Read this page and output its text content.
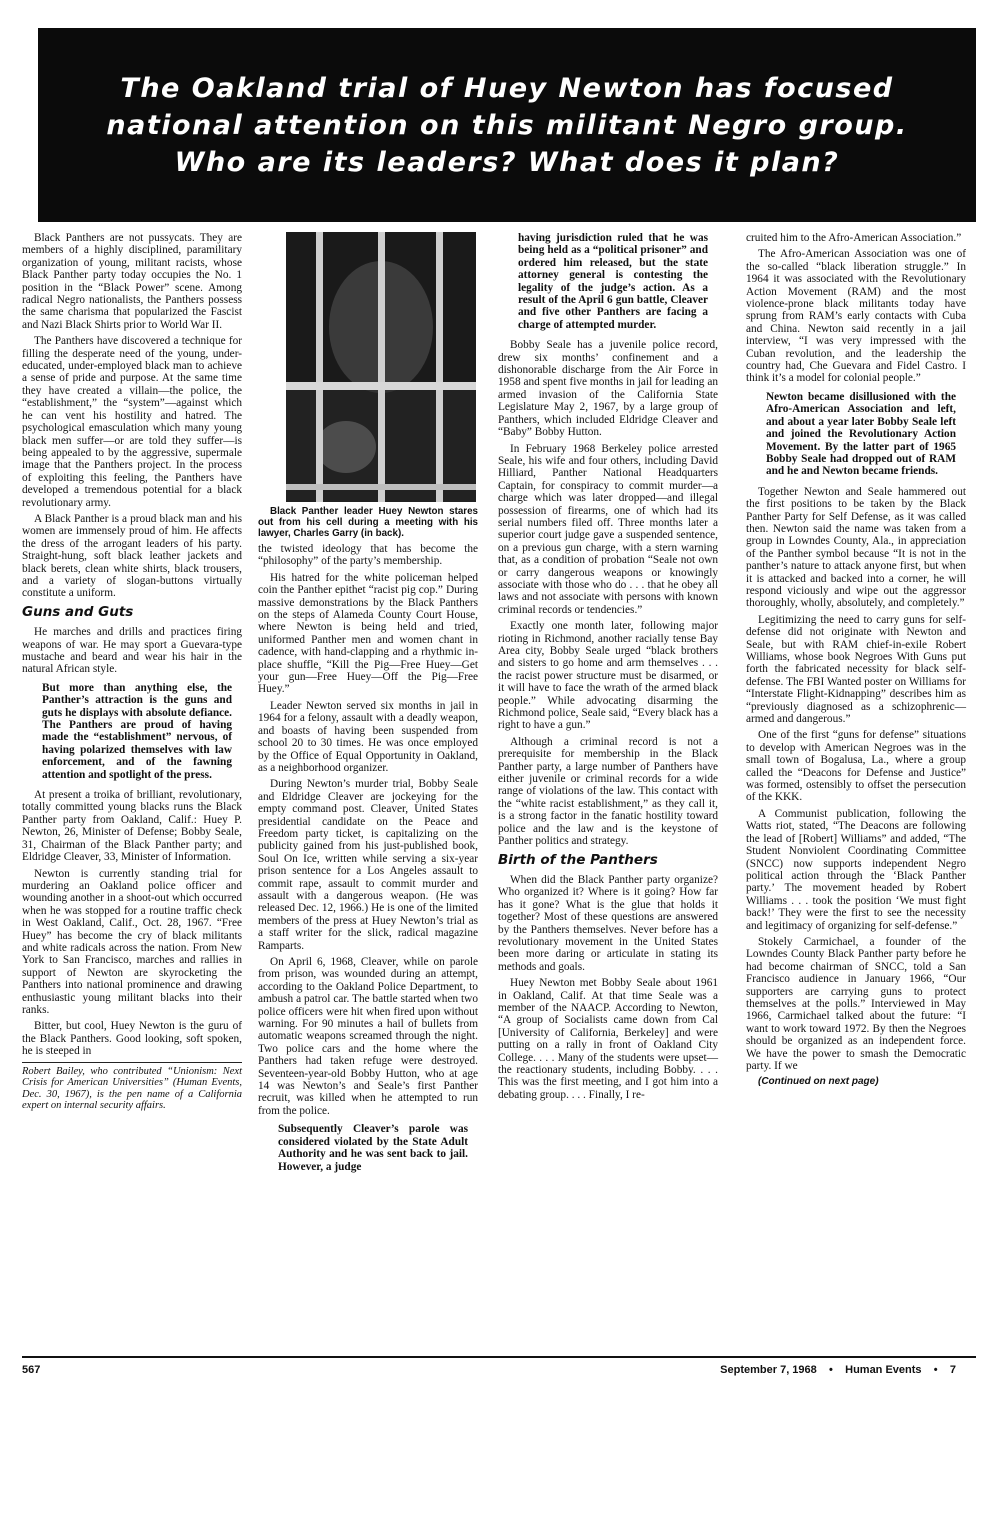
The Oakland trial of Huey Newton has focused
national attention on this militant Negro group.
Who are its leaders? What does it plan?

Black Panthers are not pussycats. They are members of a highly disciplined, paramilitary organization of young, militant racists, whose Black Panther party today occupies the No. 1 position in the “Black Power” scene. Among radical Negro nationalists, the Panthers possess the same charisma that popularized the Fascist and Nazi Black Shirts prior to World War II.

The Panthers have discovered a technique for filling the desperate need of the young, under-educated, under-employed black man to achieve a sense of pride and purpose. At the same time they have created a villain—the police, the “establishment,” the “system”—against which he can vent his hostility and hatred. The psychological emasculation which many young black men suffer—or are told they suffer—is being appealed to by the aggressive, supermale image that the Panthers project. In the process of exploiting this feeling, the Panthers have developed a tremendous potential for a black revolutionary army.

A Black Panther is a proud black man and his women are immensely proud of him. He affects the dress of the arrogant leaders of his party. Straight-hung, soft black leather jackets and black berets, clean white shirts, black trousers, and a variety of slogan-buttons virtually constitute a uniform.

Guns and Guts

He marches and drills and practices firing weapons of war. He may sport a Guevara-type mustache and beard and wear his hair in the natural African style.

But more than anything else, the Panther’s attraction is the guns and guts he displays with absolute defiance. The Panthers are proud of having made the “establishment” nervous, of having polarized themselves with law enforcement, and of the fawning attention and spotlight of the press.

At present a troika of brilliant, revolutionary, totally committed young blacks runs the Black Panther party from Oakland, Calif.: Huey P. Newton, 26, Minister of Defense; Bobby Seale, 31, Chairman of the Black Panther party; and Eldridge Cleaver, 33, Minister of Information.

Newton is currently standing trial for murdering an Oakland police officer and wounding another in a shoot-out which occurred when he was stopped for a routine traffic check in West Oakland, Calif., Oct. 28, 1967. “Free Huey” has become the cry of black militants and white radicals across the nation. From New York to San Francisco, marches and rallies in support of Newton are skyrocketing the Panthers into national prominence and drawing enthusiastic young militant blacks into their ranks.

Bitter, but cool, Huey Newton is the guru of the Black Panthers. Good looking, soft spoken, he is steeped in

Robert Bailey, who contributed “Unionism: Next Crisis for American Universities” (Human Events, Dec. 30, 1967), is the pen name of a California expert on internal security affairs.

Black Panther leader Huey Newton stares out from his cell during a meeting with his lawyer, Charles Garry (in back).

the twisted ideology that has become the “philosophy” of the party’s membership.

His hatred for the white policeman helped coin the Panther epithet “racist pig cop.” During massive demonstrations by the Black Panthers on the steps of Alameda County Court House, where Newton is being held and tried, uniformed Panther men and women chant in cadence, with hand-clapping and a rhythmic in-place shuffle, “Kill the Pig—Free Huey—Get your gun—Free Huey—Off the Pig—Free Huey.”

Leader Newton served six months in jail in 1964 for a felony, assault with a deadly weapon, and boasts of having been suspended from school 20 to 30 times. He was once employed by the Office of Equal Opportunity in Oakland, as a neighborhood organizer.

During Newton’s murder trial, Bobby Seale and Eldridge Cleaver are jockeying for the empty command post. Cleaver, United States presidential candidate on the Peace and Freedom party ticket, is capitalizing on the publicity gained from his just-published book, Soul On Ice, written while serving a six-year prison sentence for a Los Angeles assault to commit rape, assault to commit murder and assault with a dangerous weapon. (He was released Dec. 12, 1966.) He is one of the limited members of the press at Huey Newton’s trial as a staff writer for the slick, radical magazine Ramparts.

On April 6, 1968, Cleaver, while on parole from prison, was wounded during an attempt, according to the Oakland Police Department, to ambush a patrol car. The battle started when two police officers were hit when fired upon without warning. For 90 minutes a hail of bullets from automatic weapons screamed through the night. Two police cars and the home where the Panthers had taken refuge were destroyed. Seventeen-year-old Bobby Hutton, who at age 14 was Newton’s and Seale’s first Panther recruit, was killed when he attempted to run from the police.

Subsequently Cleaver’s parole was considered violated by the State Adult Authority and he was sent back to jail. However, a judge

having jurisdiction ruled that he was being held as a “political prisoner” and ordered him released, but the state attorney general is contesting the legality of the judge’s action. As a result of the April 6 gun battle, Cleaver and five other Panthers are facing a charge of attempted murder.

Bobby Seale has a juvenile police record, drew six months’ confinement and a dishonorable discharge from the Air Force in 1958 and spent five months in jail for leading an armed invasion of the California State Legislature May 2, 1967, by a large group of Panthers, which included Eldridge Cleaver and “Baby” Bobby Hutton.

In February 1968 Berkeley police arrested Seale, his wife and four others, including David Hilliard, Panther National Headquarters Captain, for conspiracy to commit murder—a charge which was later dropped—and illegal possession of firearms, one of which had its serial numbers filed off. Three months later a superior court judge gave a suspended sentence, on a previous gun charge, with a stern warning that, as a condition of probation “Seale not own or carry dangerous weapons or knowingly associate with those who do . . . that he obey all laws and not associate with persons with known criminal records or tendencies.”

Exactly one month later, following major rioting in Richmond, another racially tense Bay Area city, Bobby Seale urged “black brothers and sisters to go home and arm themselves . . . the racist power structure must be disarmed, or it will have to face the wrath of the armed black people.” While advocating disarming the Richmond police, Seale said, “Every black has a right to have a gun.”

Although a criminal record is not a prerequisite for membership in the Black Panther party, a large number of Panthers have either juvenile or criminal records for a wide range of violations of the law. This contact with the “white racist establishment,” as they call it, is a strong factor in the fanatic hostility toward police and the law and is the keystone of Panther politics and strategy.

Birth of the Panthers

When did the Black Panther party organize? Who organized it? Where is it going? How far has it gone? What is the glue that holds it together? Most of these questions are answered by the Panthers themselves. Never before has a revolutionary movement in the United States been more daring or articulate in stating its methods and goals.

Huey Newton met Bobby Seale about 1961 in Oakland, Calif. At that time Seale was a member of the NAACP. According to Newton, “A group of Socialists came down from Cal [University of California, Berkeley] and were putting on a rally in front of Oakland City College. . . . Many of the students were upset—the reactionary students, including Bobby. . . . This was the first meeting, and I got him into a debating group. . . . Finally, I re-

cruited him to the Afro-American Association.”

The Afro-American Association was one of the so-called “black liberation struggle.” In 1964 it was associated with the Revolutionary Action Movement (RAM) and the most violence-prone black militants today have sprung from RAM’s early contacts with Cuba and China. Newton said recently in a jail interview, “I was very impressed with the Cuban revolution, and the leadership the country had, Che Guevara and Fidel Castro. I think it’s a model for colonial people.”

Newton became disillusioned with the Afro-American Association and left, and about a year later Bobby Seale left and joined the Revolutionary Action Movement. By the latter part of 1965 Bobby Seale had dropped out of RAM and he and Newton became friends.

Together Newton and Seale hammered out the first positions to be taken by the Black Panther Party for Self Defense, as it was called then. Newton said the name was taken from a group in Lowndes County, Ala., in appreciation of the Panther symbol because “It is not in the panther’s nature to attack anyone first, but when it is attacked and backed into a corner, he will respond viciously and wipe out the aggressor thoroughly, wholly, absolutely, and completely.”

Legitimizing the need to carry guns for self-defense did not originate with Newton and Seale, but with RAM chief-in-exile Robert Williams, whose book Negroes With Guns put forth the fabricated necessity for black self-defense. The FBI Wanted poster on Williams for “Interstate Flight-Kidnapping” describes him as “previously diagnosed as a schizophrenic—armed and dangerous.”

One of the first “guns for defense” situations to develop with American Negroes was in the small town of Bogalusa, La., where a group called the “Deacons for Defense and Justice” was formed, ostensibly to offset the persecution of the KKK.

A Communist publication, following the Watts riot, stated, “The Deacons are following the lead of [Robert] Williams” and added, “The Student Nonviolent Coordinating Committee (SNCC) now supports independent Negro political action through the ‘Black Panther party.’ The movement headed by Robert Williams . . . took the position ‘We must fight back!’ They were the first to see the necessity and legitimacy of organizing for self-defense.”

Stokely Carmichael, a founder of the Lowndes County Black Panther party before he had become chairman of SNCC, told a San Francisco audience in January 1966, “Our supporters are carrying guns to protect themselves at the polls.” Interviewed in May 1966, Carmichael talked about the future: “I want to work toward 1972. By then the Negroes should be organized as an independent force. We have the power to smash the Democratic party. If we

(Continued on next page)

567	September 7, 1968 • Human Events • 7
